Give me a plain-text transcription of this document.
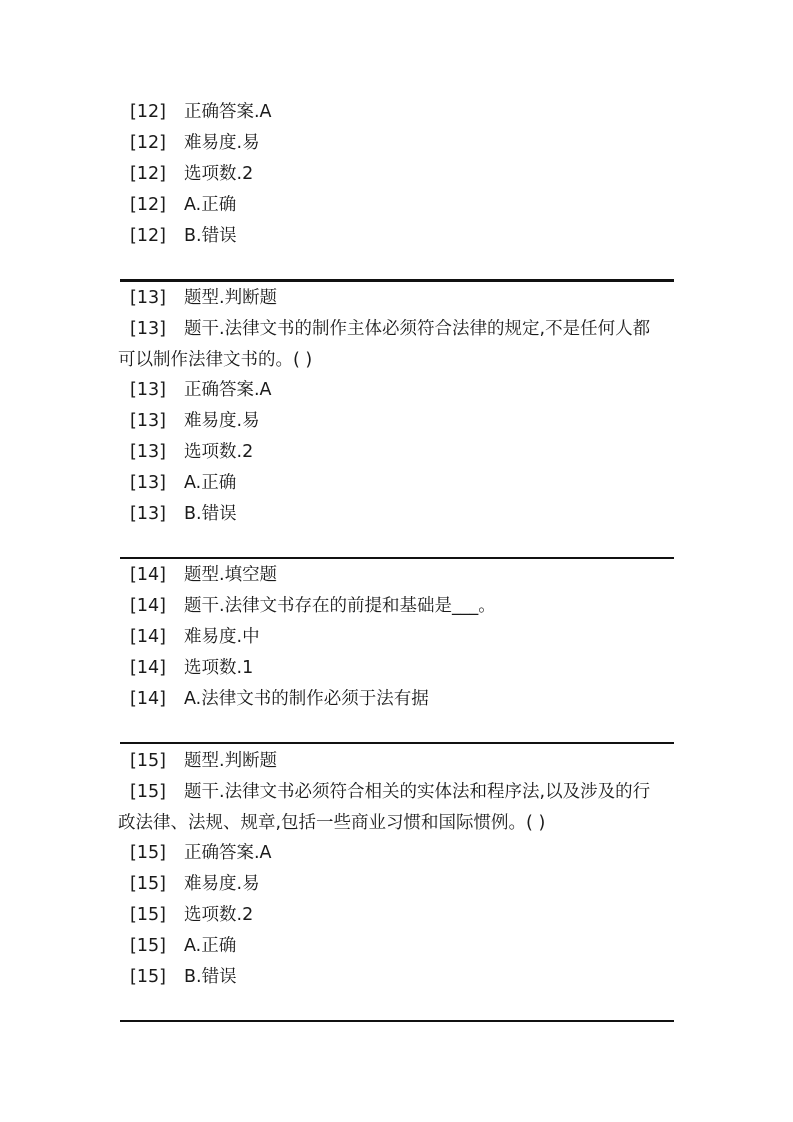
[12] 正确答案.A
[12] 难易度.易
[12] 选项数.2
[12] A.正确
[12] B.错误
[13] 题型.判断题
[13] 题干.法律文书的制作主体必须符合法律的规定,不是任何人都
可以制作法律文书的。( )
[13] 正确答案.A
[13] 难易度.易
[13] 选项数.2
[13] A.正确
[13] B.错误
[14] 题型.填空题
[14] 题干.法律文书存在的前提和基础是___。
[14] 难易度.中
[14] 选项数.1
[14] A.法律文书的制作必须于法有据
[15] 题型.判断题
[15] 题干.法律文书必须符合相关的实体法和程序法,以及涉及的行
政法律、法规、规章,包括一些商业习惯和国际惯例。( )
[15] 正确答案.A
[15] 难易度.易
[15] 选项数.2
[15] A.正确
[15] B.错误
